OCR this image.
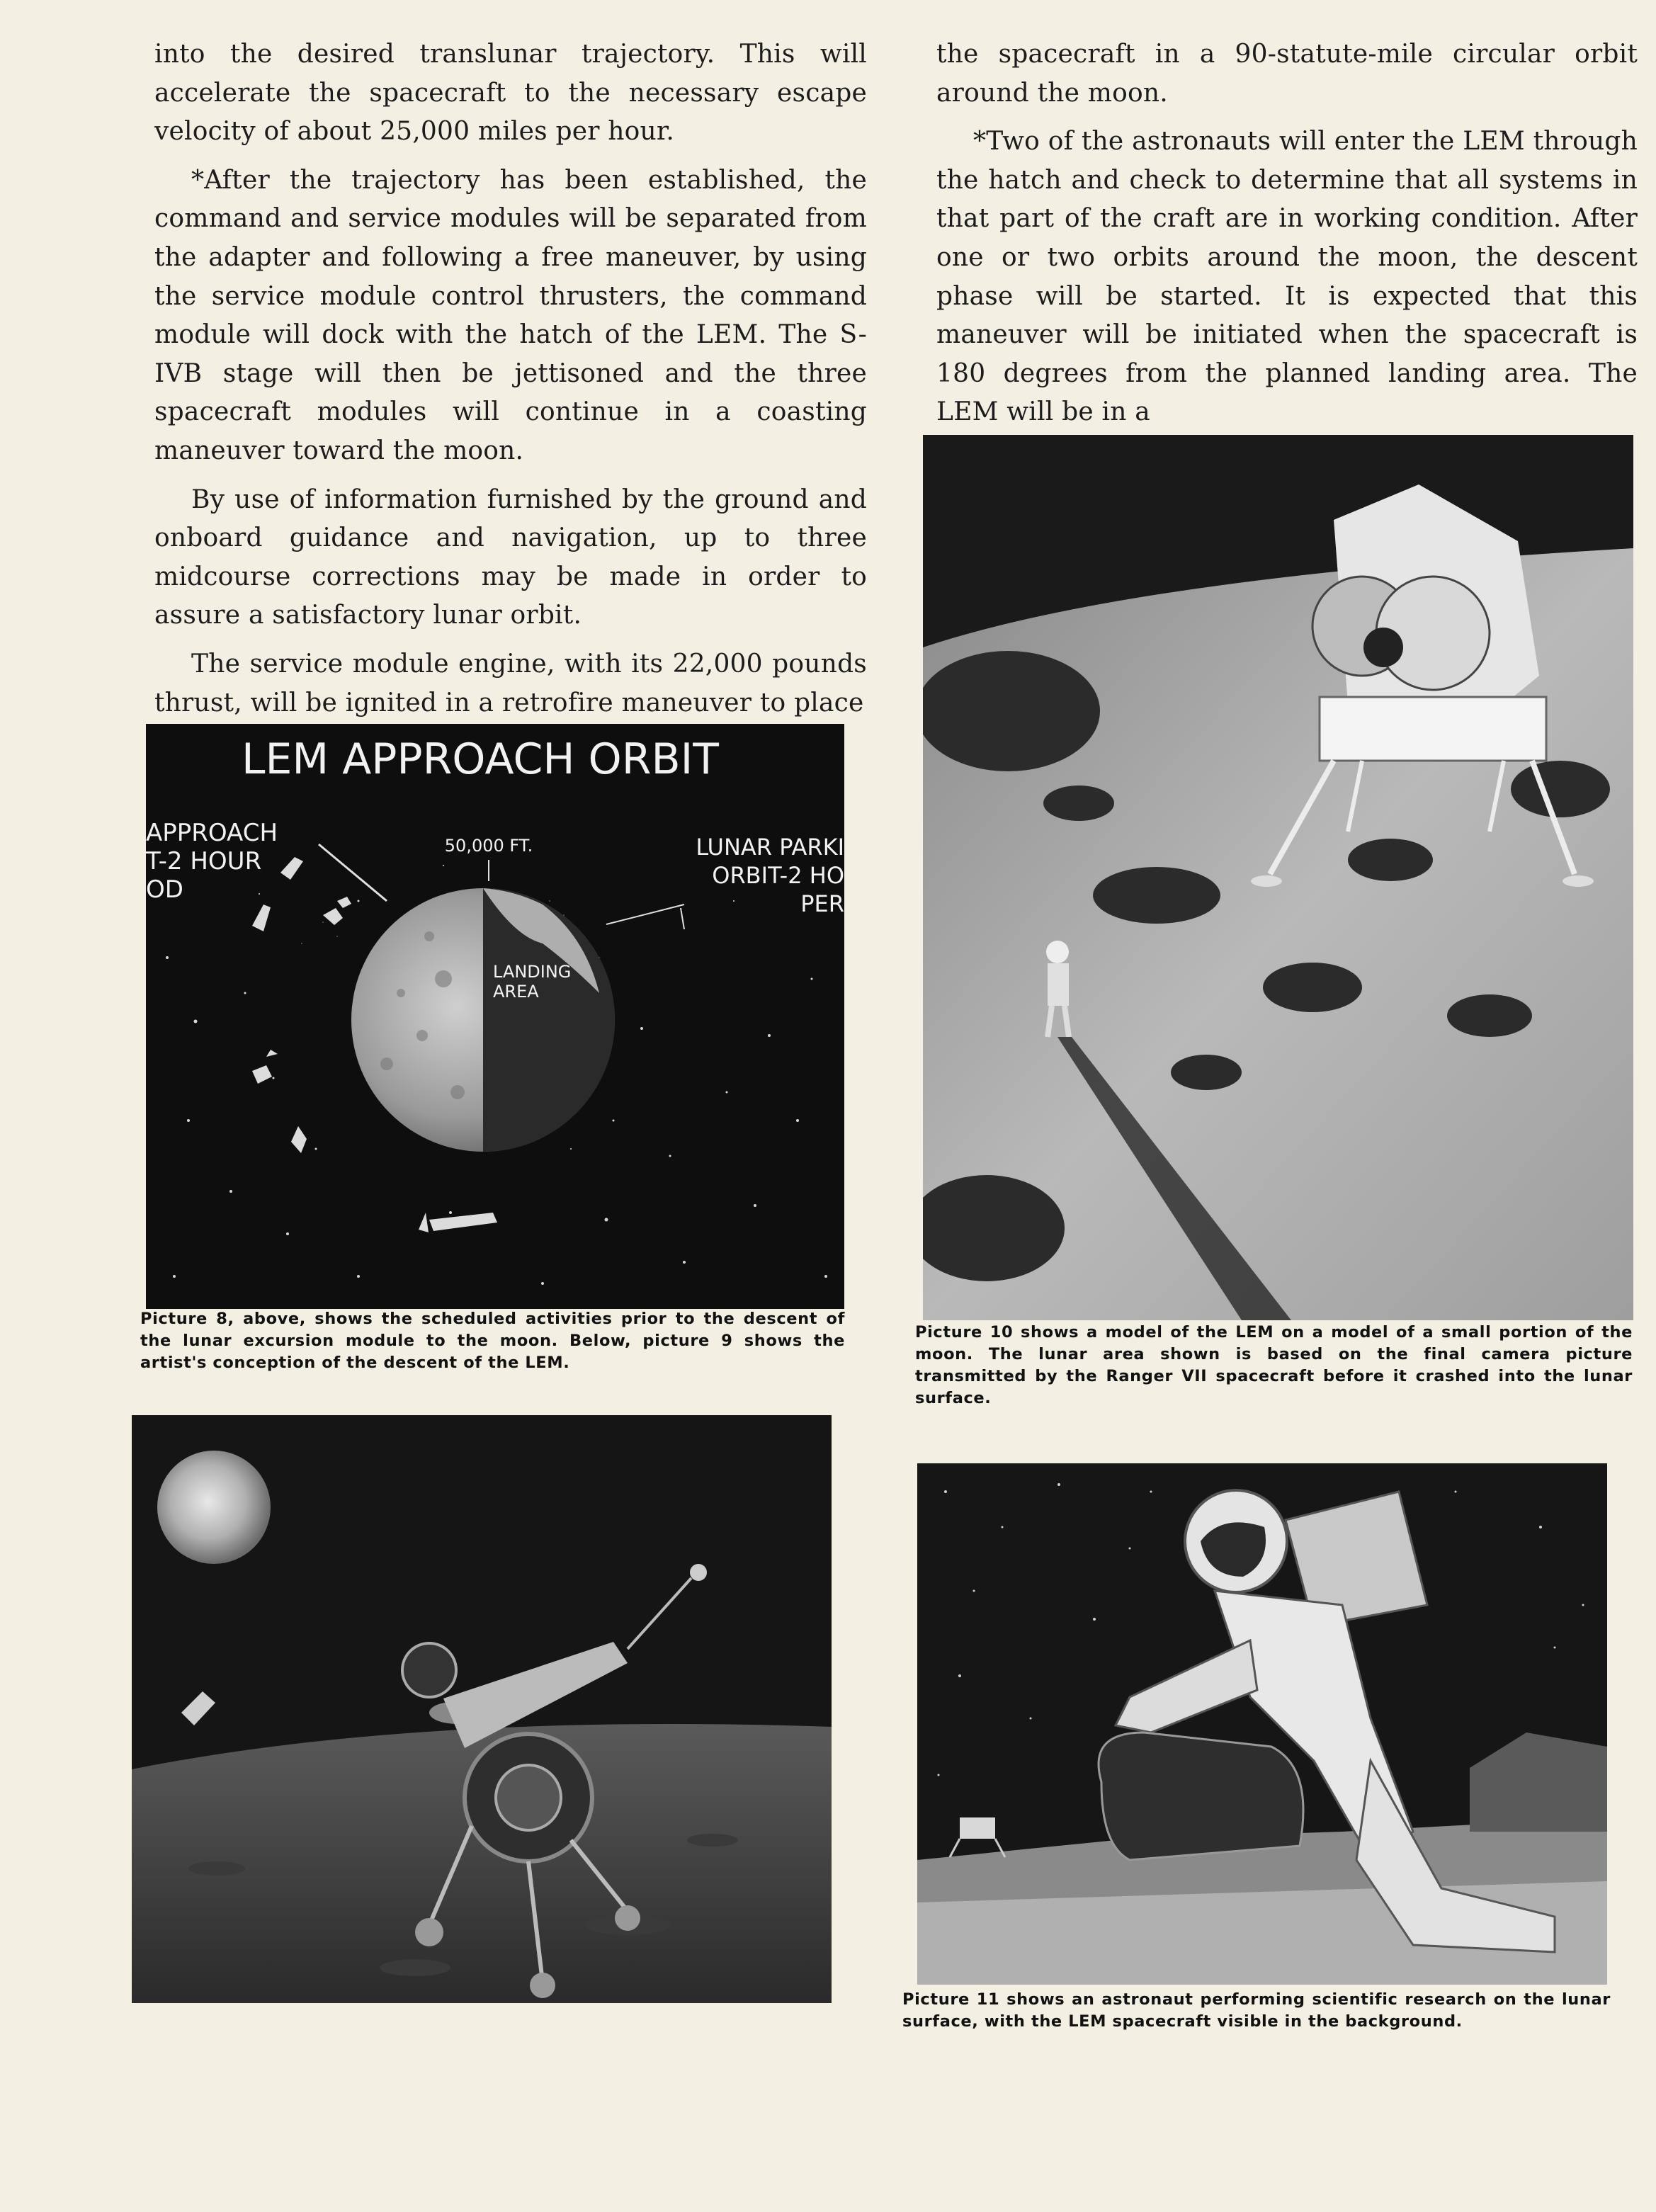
into the desired translunar trajectory. This will accelerate the spacecraft to the necessary escape velocity of about 25,000 miles per hour.

*After the trajectory has been established, the command and service modules will be separated from the adapter and following a free maneuver, by using the service module control thrusters, the command module will dock with the hatch of the LEM. The S-IVB stage will then be jettisoned and the three spacecraft modules will continue in a coasting maneuver toward the moon.

By use of information furnished by the ground and onboard guidance and navigation, up to three midcourse corrections may be made in order to assure a satisfactory lunar orbit.

The service module engine, with its 22,000 pounds thrust, will be ignited in a retrofire maneuver to place

the spacecraft in a 90-statute-mile circular orbit around the moon.

*Two of the astronauts will enter the LEM through the hatch and check to determine that all systems in that part of the craft are in working condition. After one or two orbits around the moon, the descent phase will be started. It is expected that this maneuver will be initiated when the spacecraft is 180 degrees from the planned landing area. The LEM will be in a

LEM APPROACH ORBIT
APPROACH
T-2 HOUR
OD
50,000 FT.	LUNAR PARKI
ORBIT-2 HO
PER
LANDING
AREA

Picture 8, above, shows the scheduled activities prior to the descent of the lunar excursion module to the moon. Below, picture 9 shows the artist's conception of the descent of the LEM.

Picture 10 shows a model of the LEM on a model of a small portion of the moon. The lunar area shown is based on the final camera picture transmitted by the Ranger VII spacecraft before it crashed into the lunar surface.

Picture 11 shows an astronaut performing scientific research on the lunar surface, with the LEM spacecraft visible in the background.
